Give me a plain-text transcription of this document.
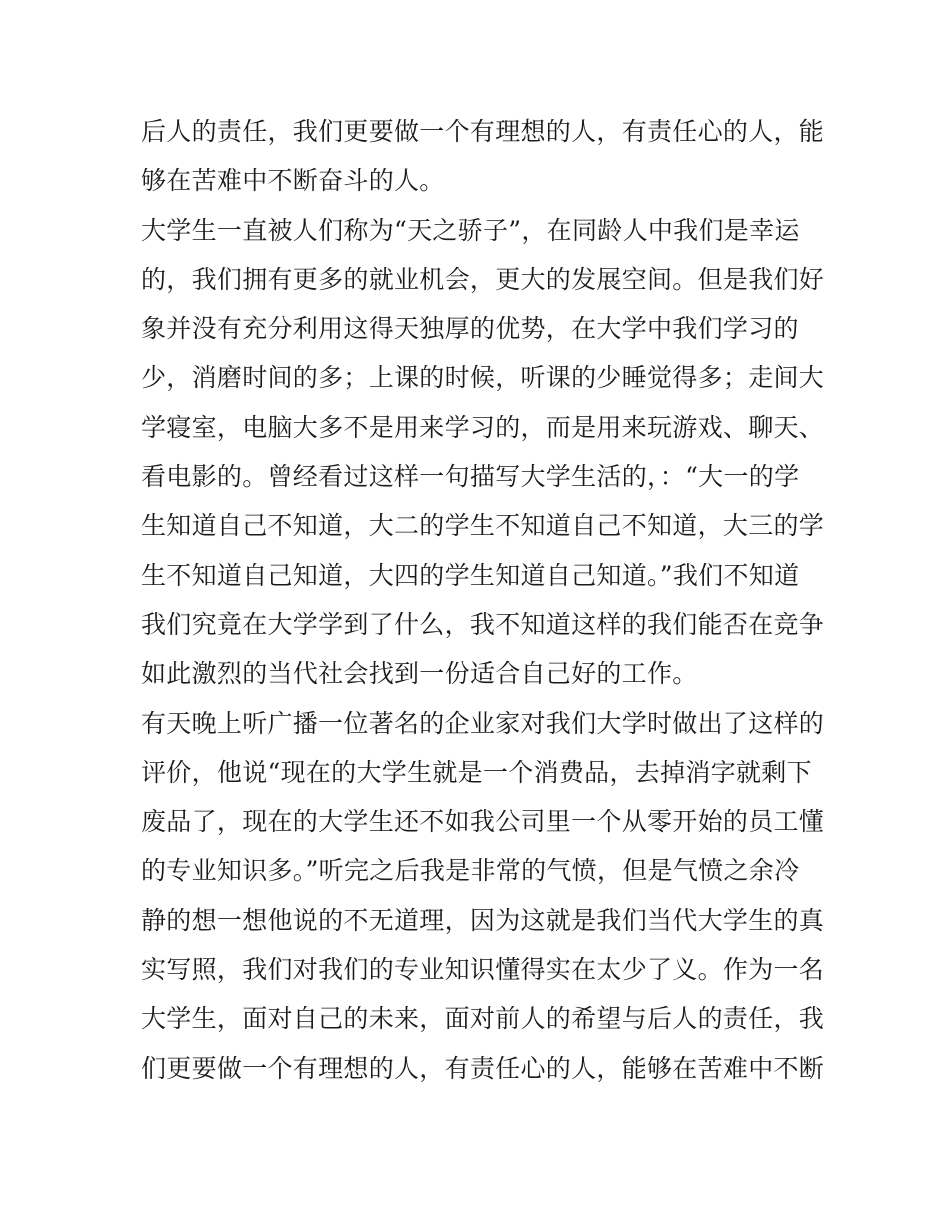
后人的责任，我们更要做一个有理想的人，有责任心的人，能
够在苦难中不断奋斗的人。
大学生一直被人们称为“天之骄子”，在同龄人中我们是幸运
的，我们拥有更多的就业机会，更大的发展空间。但是我们好
象并没有充分利用这得天独厚的优势，在大学中我们学习的
少，消磨时间的多；上课的时候，听课的少睡觉得多；走间大
学寝室，电脑大多不是用来学习的，而是用来玩游戏、聊天、
看电影的。曾经看过这样一句描写大学生活的，：“大一的学
生知道自己不知道，大二的学生不知道自己不知道，大三的学
生不知道自己知道，大四的学生知道自己知道。”我们不知道
我们究竟在大学学到了什么，我不知道这样的我们能否在竞争
如此激烈的当代社会找到一份适合自己好的工作。
有天晚上听广播一位著名的企业家对我们大学时做出了这样的
评价，他说“现在的大学生就是一个消费品，去掉消字就剩下
废品了，现在的大学生还不如我公司里一个从零开始的员工懂
的专业知识多。”听完之后我是非常的气愤，但是气愤之余冷
静的想一想他说的不无道理，因为这就是我们当代大学生的真
实写照，我们对我们的专业知识懂得实在太少了义。作为一名
大学生，面对自己的未来，面对前人的希望与后人的责任，我
们更要做一个有理想的人，有责任心的人，能够在苦难中不断
